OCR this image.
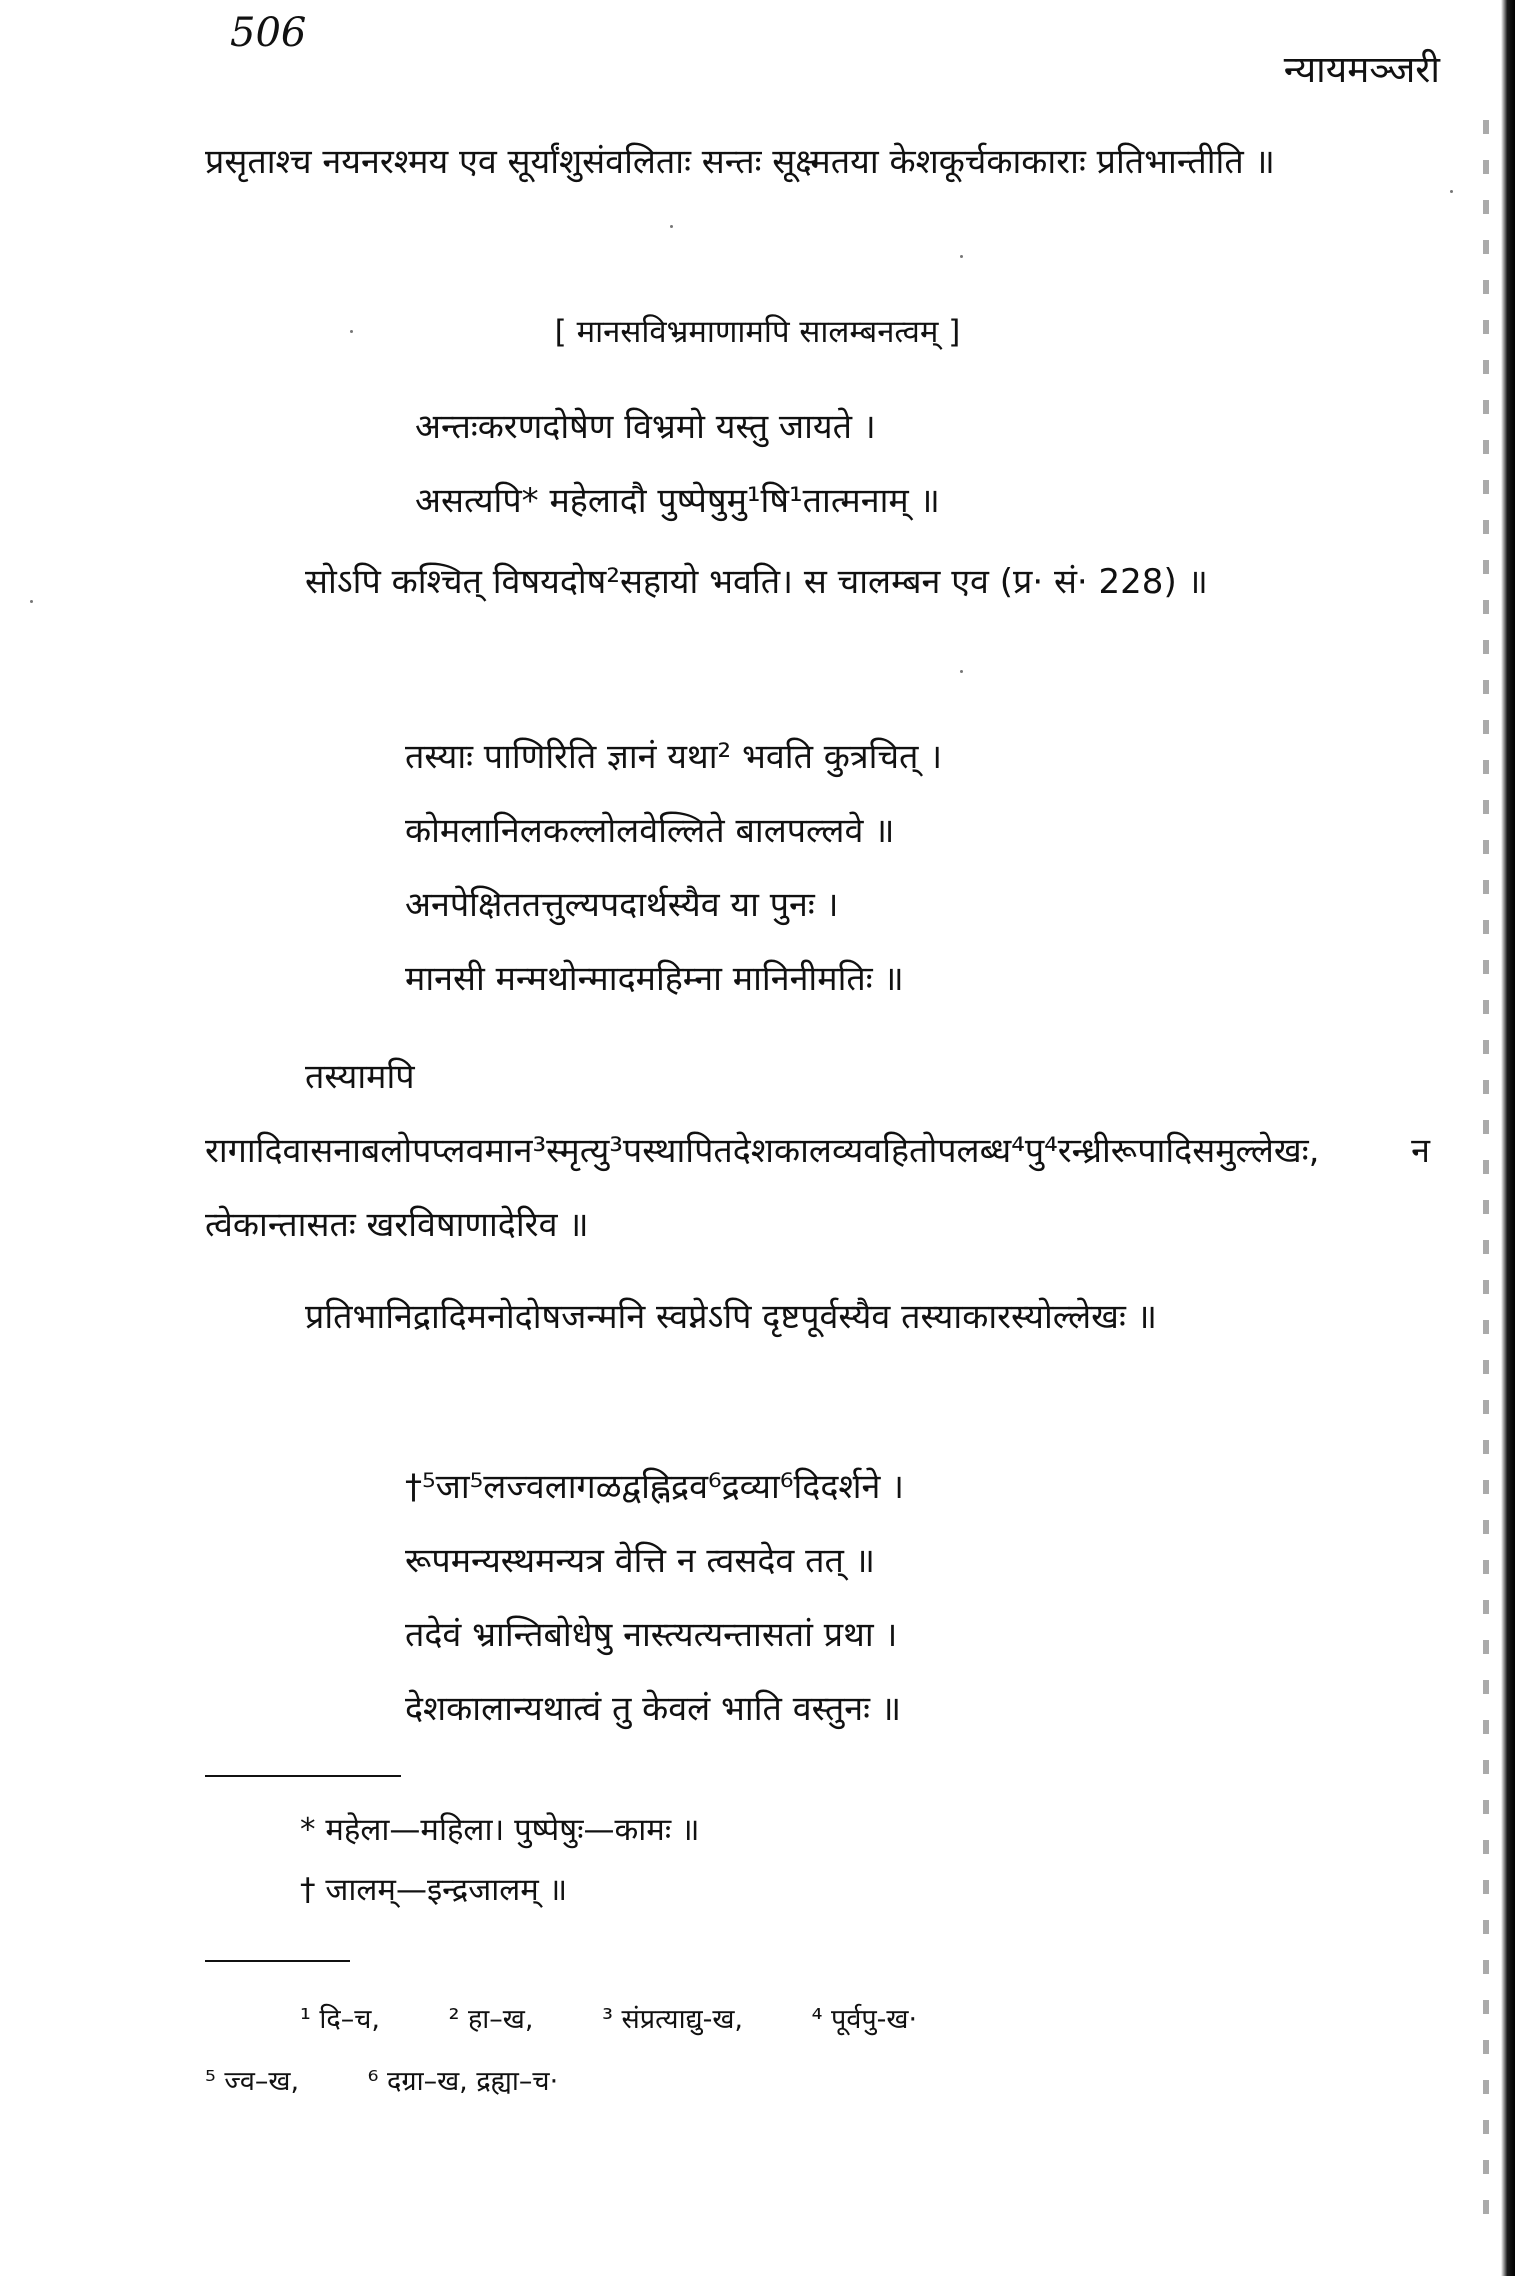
506
न्यायमञ्जरी
प्रसृताश्च नयनरश्मय एव सूर्यांशुसंवलिताः सन्तः सूक्ष्मतया केशकूर्चकाकाराः प्रतिभान्तीति ॥
[ मानसविभ्रमाणामपि सालम्बनत्वम् ]
अन्तःकरणदोषेण विभ्रमो यस्तु जायते ।
असत्यपि* महेलादौ पुष्पेषुमु¹षि¹तात्मनाम् ॥
सोऽपि कश्चित् विषयदोष²सहायो भवति। स चालम्बन एव (प्र· सं· 228) ॥
तस्याः पाणिरिति ज्ञानं यथा² भवति कुत्रचित् ।
कोमलानिलकल्लोलवेल्लिते बालपल्लवे ॥
अनपेक्षिततत्तुल्यपदार्थस्यैव या पुनः ।
मानसी मन्मथोन्मादमहिम्ना मानिनीमतिः ॥
तस्यामपि रागादिवासनाबलोपप्लवमान³स्मृत्यु³पस्थापितदेशकालव्यवहितोपलब्ध⁴पु⁴रन्ध्रीरूपादिसमुल्लेखः, न त्वेकान्तासतः खरविषाणादेरिव ॥
प्रतिभानिद्रादिमनोदोषजन्मनि स्वप्नेऽपि दृष्टपूर्वस्यैव तस्याकारस्योल्लेखः ॥
†⁵जा⁵लज्वलागळद्वह्निद्रव⁶द्रव्या⁶दिदर्शने ।
रूपमन्यस्थमन्यत्र वेत्ति न त्वसदेव तत् ॥
तदेवं भ्रान्तिबोधेषु नास्त्यत्यन्तासतां प्रथा ।
देशकालान्यथात्वं तु केवलं भाति वस्तुनः ॥
* महेला—महिला। पुष्पेषुः—कामः ॥
† जालम्—इन्द्रजालम् ॥
¹ दि–च,	² हा–ख,	³ संप्रत्याद्यु-ख,	⁴ पूर्वपु-ख·
⁵ ज्व–ख,	⁶ दग्रा–ख, द्रह्या–च·
